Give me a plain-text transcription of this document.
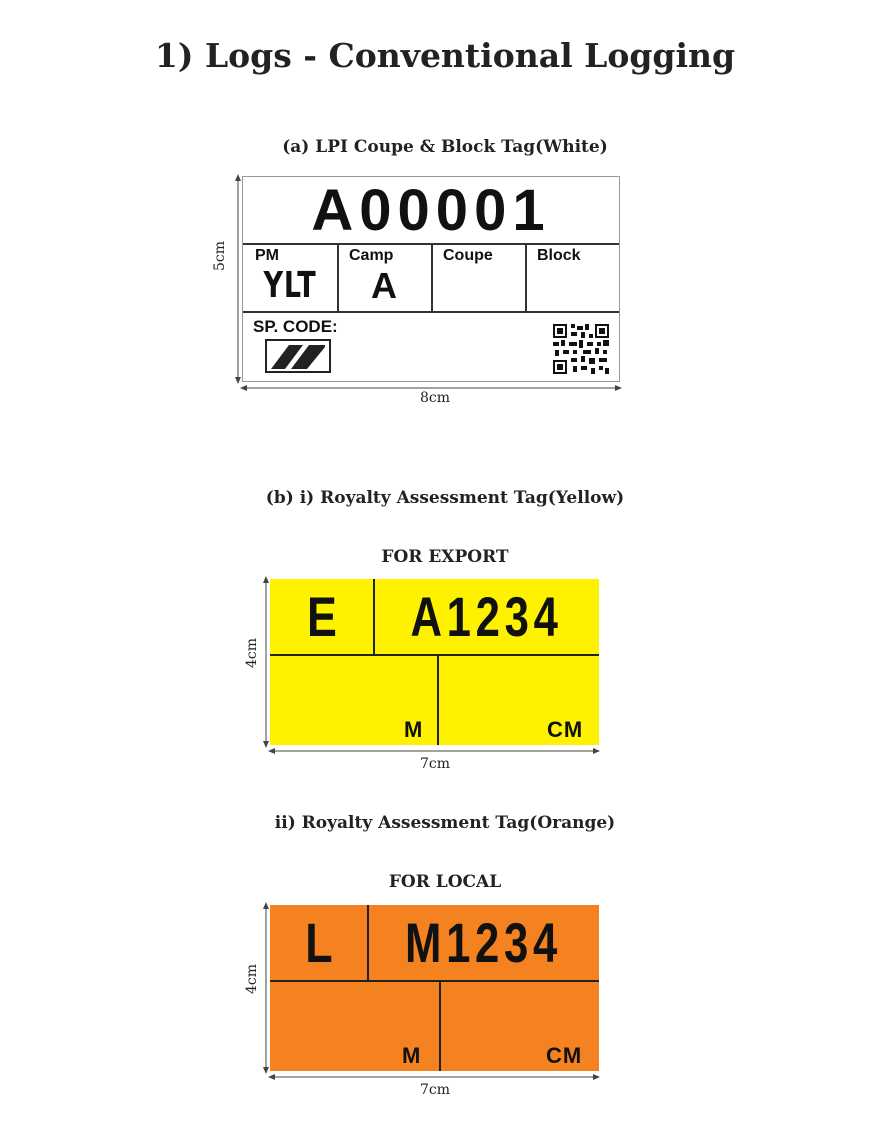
1) Logs - Conventional Logging
(a) LPI Coupe & Block Tag(White)
5cm
8cm
A00001
PM
YLT
Camp
A
Coupe	Block
SP. CODE:
(b) i) Royalty Assessment Tag(Yellow)
FOR EXPORT
4cm
7cm
E	A1234
M	CM
ii) Royalty Assessment Tag(Orange)
FOR LOCAL
4cm
7cm
L	M1234
M	CM
